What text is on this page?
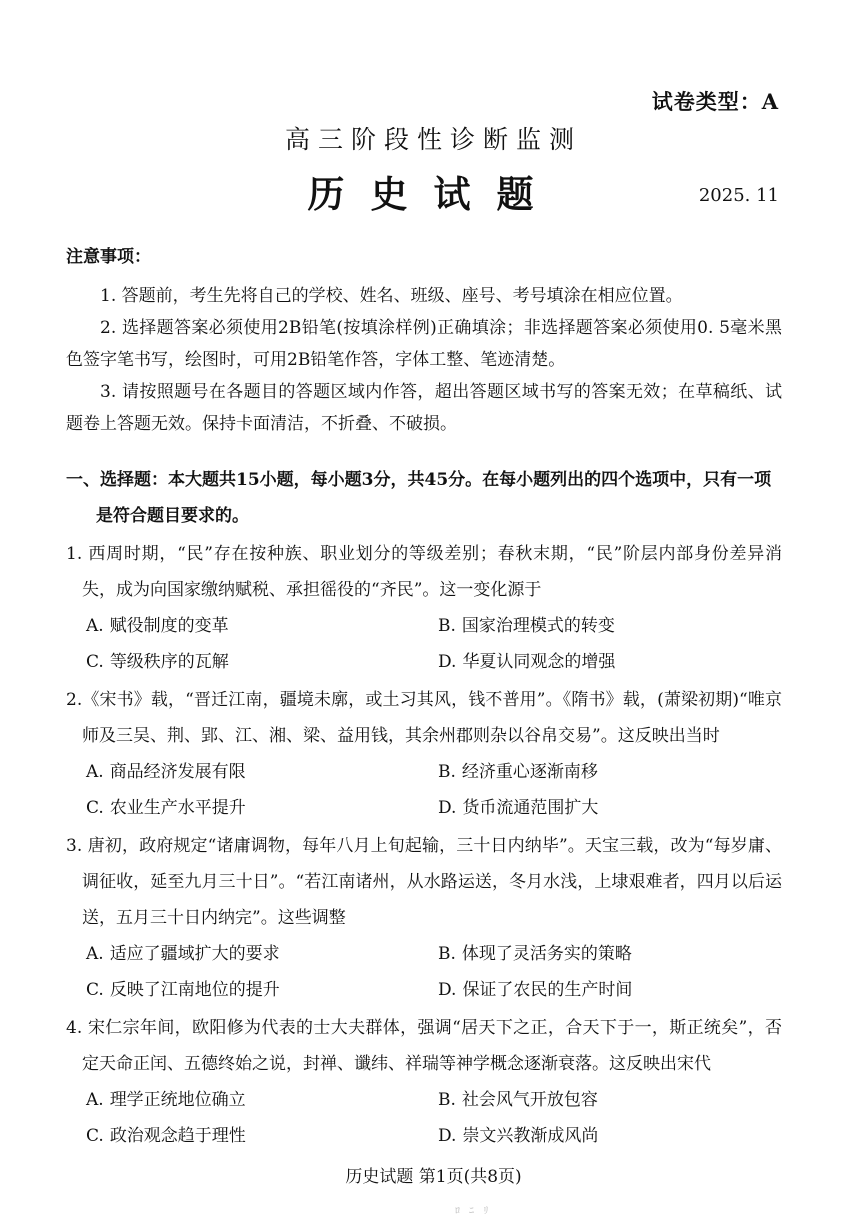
试卷类型：A
高三阶段性诊断监测
历史试题	2025. 11
注意事项：

1. 答题前，考生先将自己的学校、姓名、班级、座号、考号填涂在相应位置。

2. 选择题答案必须使用2B铅笔(按填涂样例)正确填涂；非选择题答案必须使用0. 5毫米黑色签字笔书写，绘图时，可用2B铅笔作答，字体工整、笔迹清楚。

3. 请按照题号在各题目的答题区域内作答，超出答题区域书写的答案无效；在草稿纸、试题卷上答题无效。保持卡面清洁，不折叠、不破损。

一、选择题：本大题共15小题，每小题3分，共45分。在每小题列出的四个选项中，只有一项是符合题目要求的。

1. 西周时期，“民”存在按种族、职业划分的等级差别；春秋末期，“民”阶层内部身份差异消失，成为向国家缴纳赋税、承担徭役的“齐民”。这一变化源于

A. 赋役制度的变革	B. 国家治理模式的转变
C. 等级秩序的瓦解	D. 华夏认同观念的增强

2.《宋书》载，“晋迁江南，疆境未廓，或土习其风，钱不普用”。《隋书》载，(萧梁初期)“唯京师及三吴、荆、郢、江、湘、梁、益用钱，其余州郡则杂以谷帛交易”。这反映出当时

A. 商品经济发展有限	B. 经济重心逐渐南移
C. 农业生产水平提升	D. 货币流通范围扩大

3. 唐初，政府规定“诸庸调物，每年八月上旬起输，三十日内纳毕”。天宝三载，改为“每岁庸、调征收，延至九月三十日”。“若江南诸州，从水路运送，冬月水浅，上埭艰难者，四月以后运送，五月三十日内纳完”。这些调整

A. 适应了疆域扩大的要求	B. 体现了灵活务实的策略
C. 反映了江南地位的提升	D. 保证了农民的生产时间

4. 宋仁宗年间，欧阳修为代表的士大夫群体，强调“居天下之正，合天下于一，斯正统矣”，否定天命正闰、五德终始之说，封禅、谶纬、祥瑞等神学概念逐渐衰落。这反映出宋代

A. 理学正统地位确立	B. 社会风气开放包容
C. 政治观念趋于理性	D. 崇文兴教渐成风尚
历史试题 第1页(共8页)
ﾛ ﾆ ﾘ
